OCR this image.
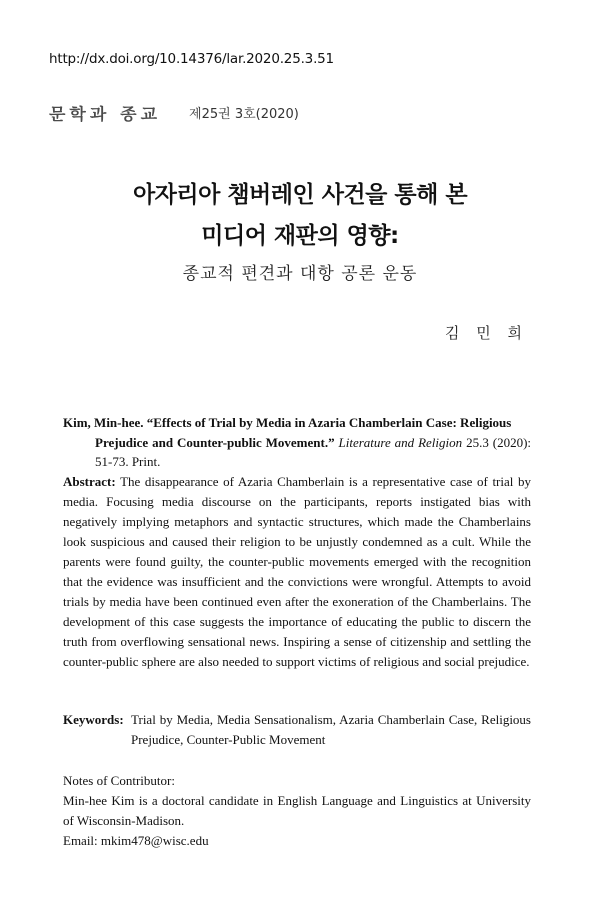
http://dx.doi.org/10.14376/lar.2020.25.3.51
문학과 종교 제25권 3호(2020)
아자리아 챔버레인 사건을 통해 본
미디어 재판의 영향:
종교적 편견과 대항 공론 운동
김 민 희
Kim, Min-hee. “Effects of Trial by Media in Azaria Chamberlain Case: Religious
Prejudice and Counter-public Movement.” Literature and Religion 25.3 (2020): 51-73. Print.
Abstract: The disappearance of Azaria Chamberlain is a representative case of trial by media. Focusing media discourse on the participants, reports instigated bias with negatively implying metaphors and syntactic structures, which made the Chamberlains look suspicious and caused their religion to be unjustly condemned as a cult. While the parents were found guilty, the counter-public movements emerged with the recognition that the evidence was insufficient and the convictions were wrongful. Attempts to avoid trials by media have been continued even after the exoneration of the Chamberlains. The development of this case suggests the importance of educating the public to discern the truth from overflowing sensational news. Inspiring a sense of citizenship and settling the counter-public sphere are also needed to support victims of religious and social prejudice.
Keywords: Trial by Media, Media Sensationalism, Azaria Chamberlain Case, Religious Prejudice, Counter-Public Movement
Notes of Contributor:
Min-hee Kim is a doctoral candidate in English Language and Linguistics at University of Wisconsin-Madison.
Email: mkim478@wisc.edu
